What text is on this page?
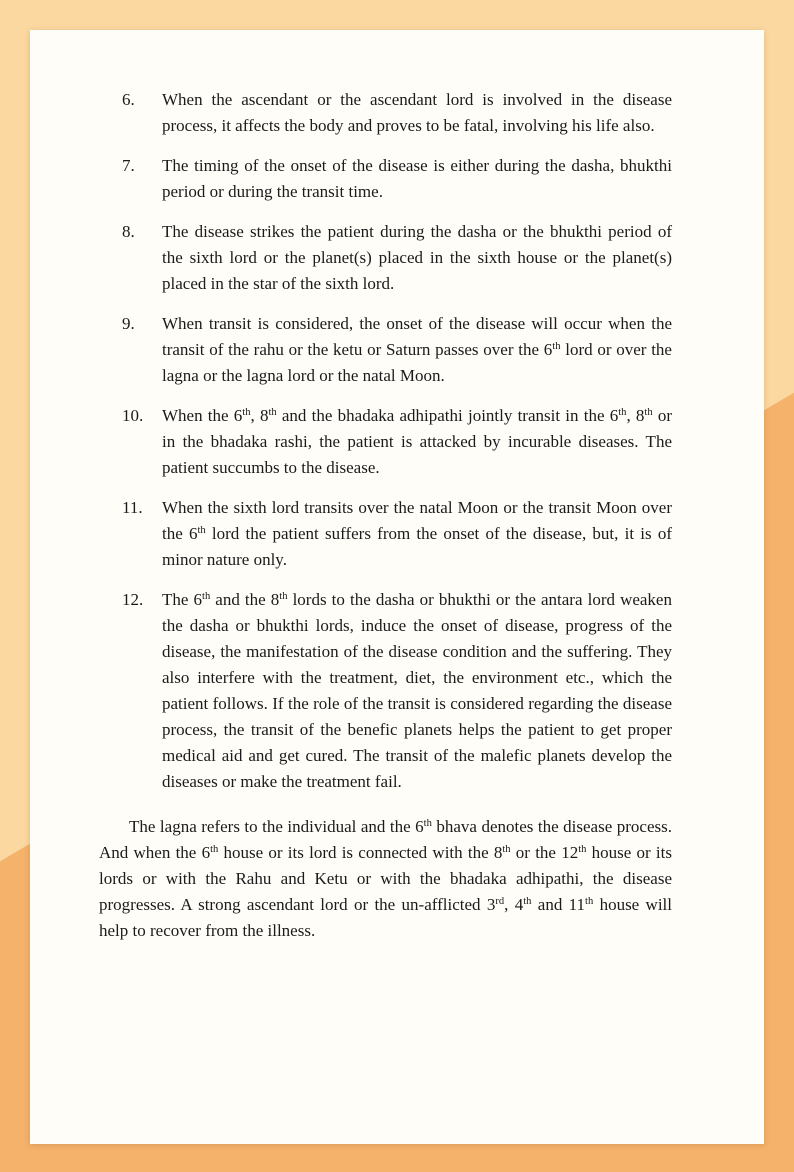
6.	When the ascendant or the ascendant lord is involved in the disease process, it affects the body and proves to be fatal, involving his life also.
7.	The timing of the onset of the disease is either during the dasha, bhukthi period or during the transit time.
8.	The disease strikes the patient during the dasha or the bhukthi period of the sixth lord or the planet(s) placed in the sixth house or the planet(s) placed in the star of the sixth lord.
9.	When transit is considered, the onset of the disease will occur when the transit of the rahu or the ketu or Saturn passes over the 6th lord or over the lagna or the lagna lord or the natal Moon.
10.	When the 6th, 8th and the bhadaka adhipathi jointly transit in the 6th, 8th or in the bhadaka rashi, the patient is attacked by incurable diseases. The patient succumbs to the disease.
11.	When the sixth lord transits over the natal Moon or the transit Moon over the 6th lord the patient suffers from the onset of the disease, but, it is of minor nature only.
12.	The 6th and the 8th lords to the dasha or bhukthi or the antara lord weaken the dasha or bhukthi lords, induce the onset of disease, progress of the disease, the manifestation of the disease condition and the suffering. They also interfere with the treatment, diet, the environment etc., which the patient follows. If the role of the transit is considered regarding the disease process, the transit of the benefic planets helps the patient to get proper medical aid and get cured. The transit of the malefic planets develop the diseases or make the treatment fail.

The lagna refers to the individual and the 6th bhava denotes the disease process. And when the 6th house or its lord is connected with the 8th or the 12th house or its lords or with the Rahu and Ketu or with the bhadaka adhipathi, the disease progresses. A strong ascendant lord or the un-afflicted 3rd, 4th and 11th house will help to recover from the illness.
